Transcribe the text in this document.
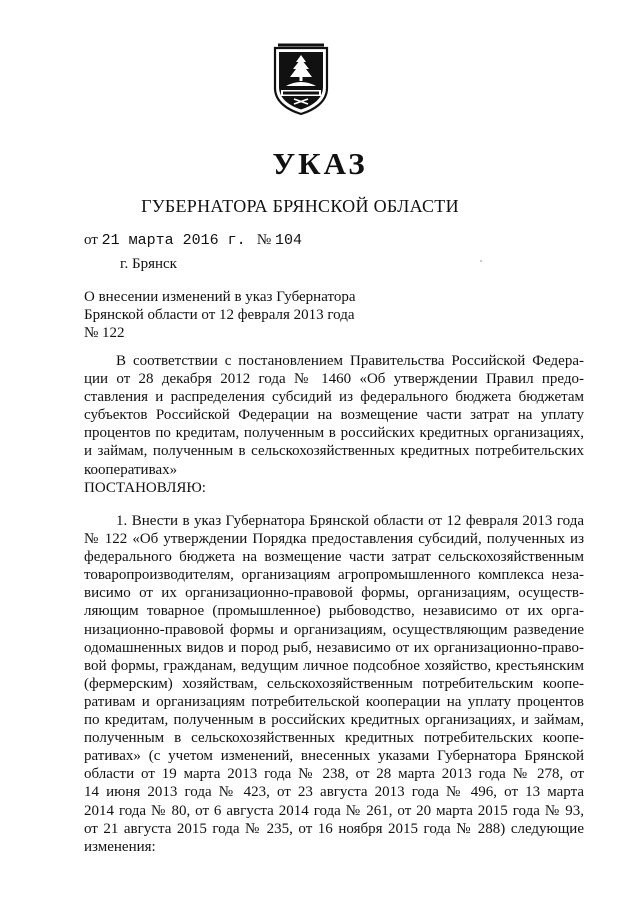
УКАЗ
ГУБЕРНАТОРА БРЯНСКОЙ ОБЛАСТИ
от 21 марта 2016 г. № 104
г. Брянск
О внесении изменений в указ Губернатора
Брянской области от 12 февраля 2013 года
№ 122
В соответствии с постановлением Правительства Российской Федера-
ции от 28 декабря 2012 года № 1460 «Об утверждении Правил предо-
ставления и распределения субсидий из федерального бюджета бюджетам
субъектов Российской Федерации на возмещение части затрат на уплату
процентов по кредитам, полученным в российских кредитных организациях,
и займам, полученным в сельскохозяйственных кредитных потребительских
кооперативах»
ПОСТАНОВЛЯЮ:
1. Внести в указ Губернатора Брянской области от 12 февраля 2013 года
№ 122 «Об утверждении Порядка предоставления субсидий, полученных из
федерального бюджета на возмещение части затрат сельскохозяйственным
товаропроизводителям, организациям агропромышленного комплекса неза-
висимо от их организационно-правовой формы, организациям, осуществ-
ляющим товарное (промышленное) рыбоводство, независимо от их орга-
низационно-правовой формы и организациям, осуществляющим разведение
одомашненных видов и пород рыб, независимо от их организационно-право-
вой формы, гражданам, ведущим личное подсобное хозяйство, крестьянским
(фермерским) хозяйствам, сельскохозяйственным потребительским коопе-
ративам и организациям потребительской кооперации на уплату процентов
по кредитам, полученным в российских кредитных организациях, и займам,
полученным в сельскохозяйственных кредитных потребительских коопе-
ративах» (с учетом изменений, внесенных указами Губернатора Брянской
области от 19 марта 2013 года № 238, от 28 марта 2013 года № 278, от
14 июня 2013 года № 423, от 23 августа 2013 года № 496, от 13 марта
2014 года № 80, от 6 августа 2014 года № 261, от 20 марта 2015 года № 93,
от 21 августа 2015 года № 235, от 16 ноября 2015 года № 288) следующие
изменения:
